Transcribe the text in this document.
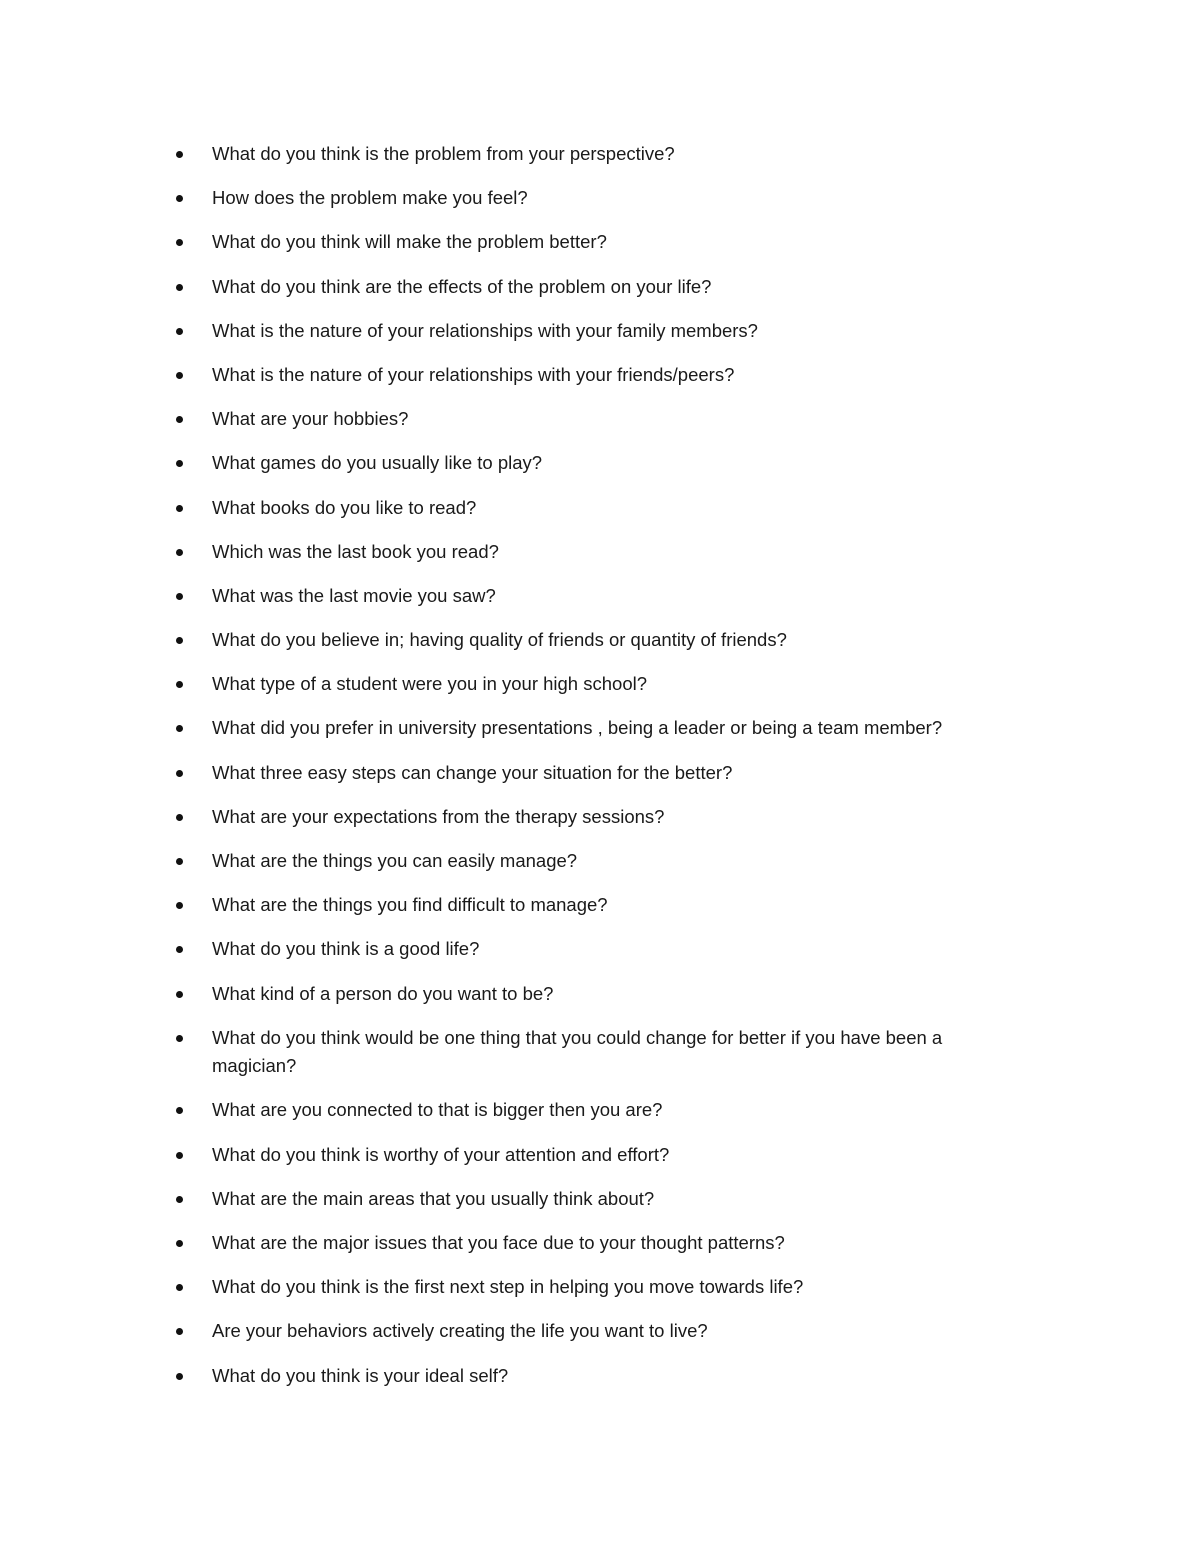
What do you think is the problem from your perspective?
How does the problem make you feel?
What do you think will make the problem better?
What do you think are the effects of the problem on your life?
What is the nature of your relationships with your family members?
What is the nature of your relationships with your friends/peers?
What are your hobbies?
What games do you usually like to play?
What books do you like to read?
Which was the last book you read?
What was the last movie you saw?
What do you believe in; having quality of friends or quantity of friends?
What type of a student were you in your high school?
What did you prefer in university presentations , being a leader or being a team member?
What three easy steps can change your situation for the better?
What are your expectations from the therapy sessions?
What are the things you can easily manage?
What are the things you find difficult to manage?
What do you think is a good life?
What kind of a person do you want to be?
What do you think would be one thing that you could change for better if you have been a magician?
What are you connected to that is bigger then you are?
What do you think is worthy of your attention and effort?
What are the main areas that you usually think about?
What are the major issues that you face due to your thought patterns?
What do you think is the first next step in helping you move towards life?
Are your behaviors actively creating the life you want to live?
What do you think is your ideal self?
